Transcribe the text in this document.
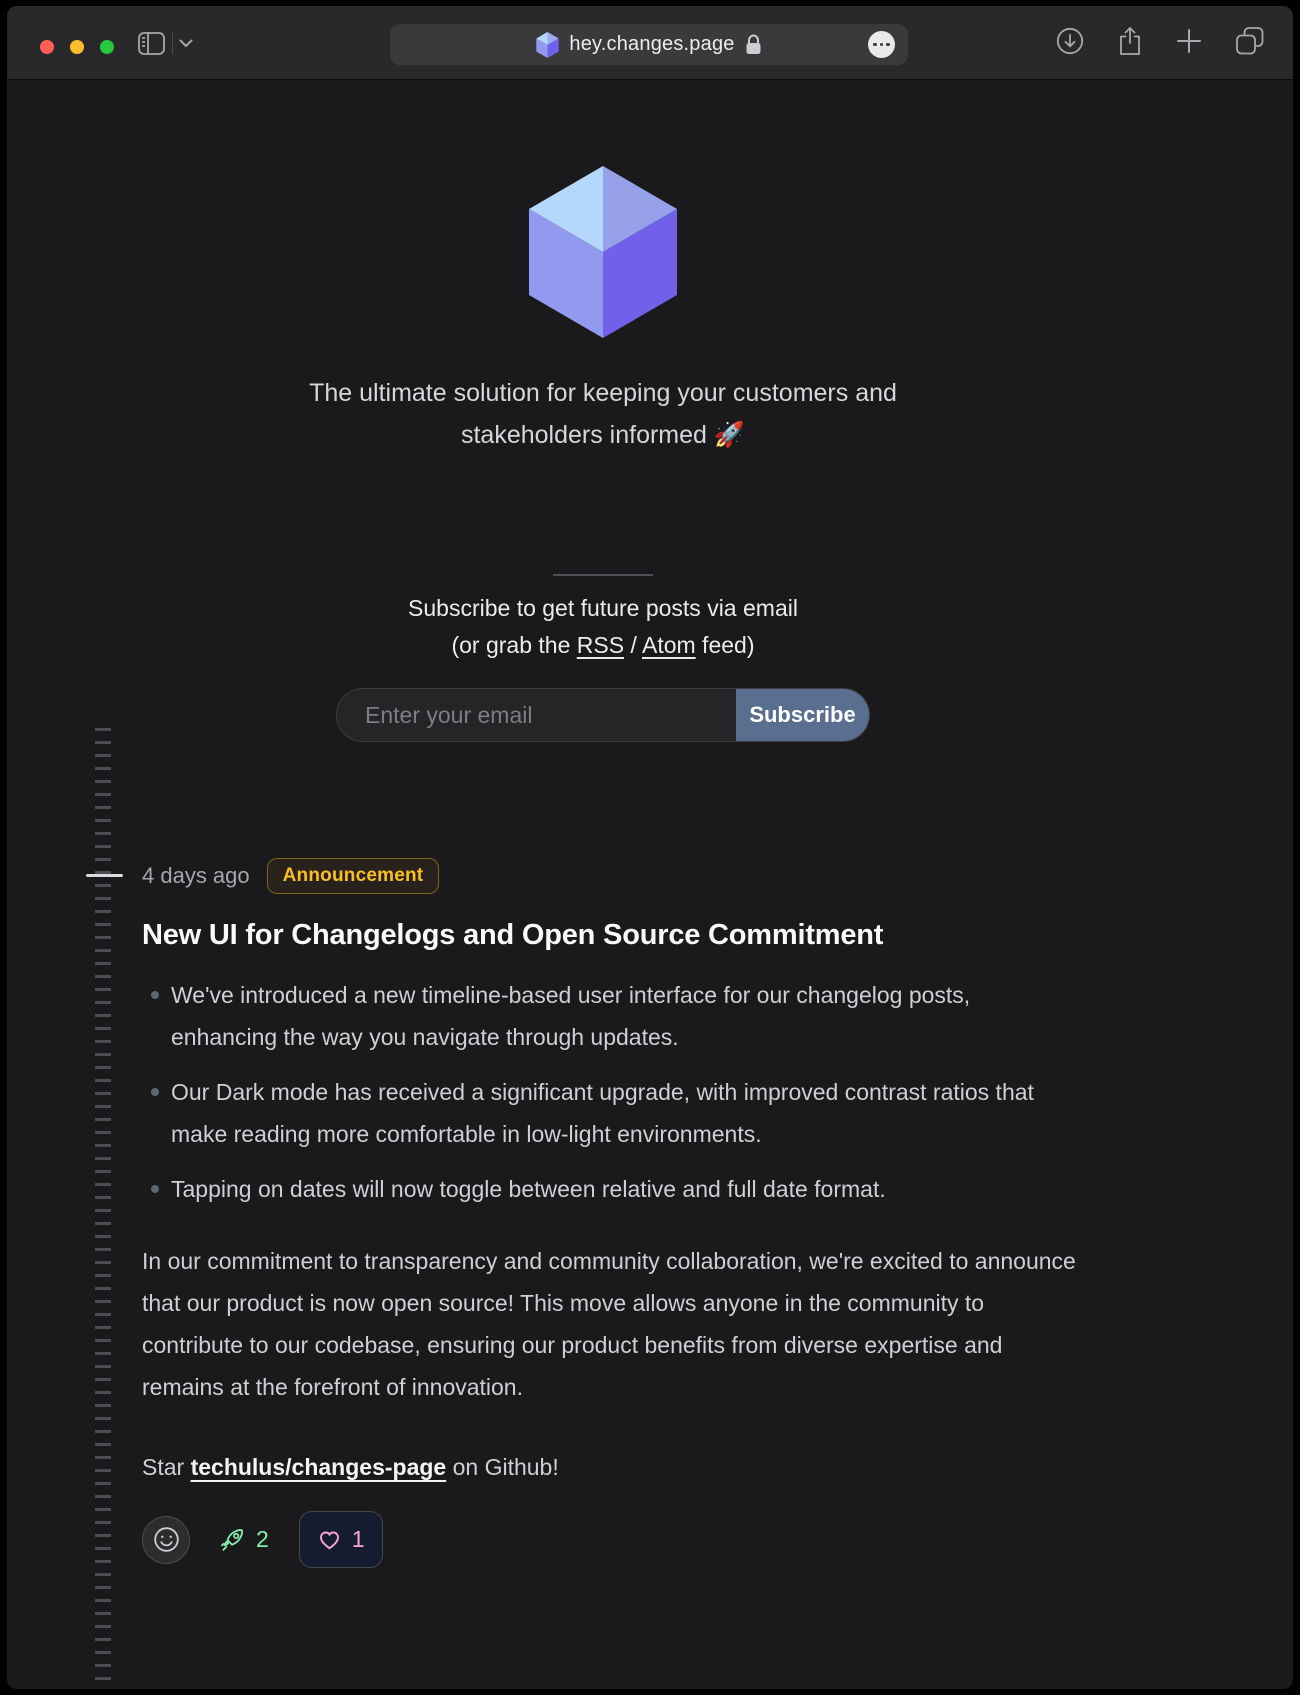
hey.changes.page
The ultimate solution for keeping your customers and
stakeholders informed 🚀
Subscribe to get future posts via email
(or grab the RSS / Atom feed)
Enter your email
Subscribe
4 days ago	Announcement
New UI for Changelogs and Open Source Commitment
We've introduced a new timeline-based user interface for our changelog posts, enhancing the way you navigate through updates.
Our Dark mode has received a significant upgrade, with improved contrast ratios that make reading more comfortable in low-light environments.
Tapping on dates will now toggle between relative and full date format.

In our commitment to transparency and community collaboration, we're excited to announce that our product is now open source! This move allows anyone in the community to contribute to our codebase, ensuring our product benefits from diverse expertise and remains at the forefront of innovation.

Star techulus/changes-page on Github!

2	1
